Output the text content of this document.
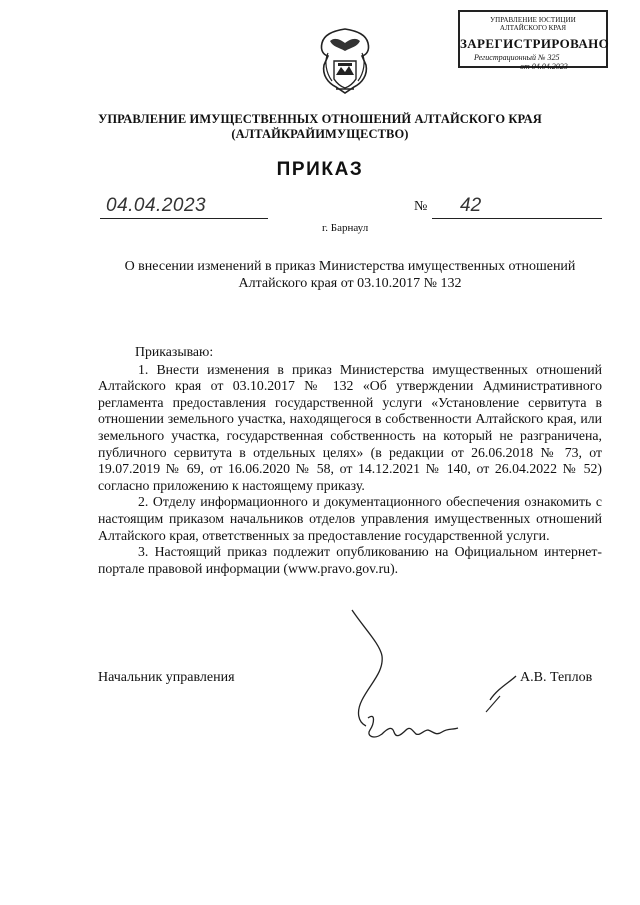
УПРАВЛЕНИЕ ЮСТИЦИИ
АЛТАЙСКОГО КРАЯ
ЗАРЕГИСТРИРОВАНО
Регистрационный № 325
от 04.04.2023
УПРАВЛЕНИЕ ИМУЩЕСТВЕННЫХ ОТНОШЕНИЙ АЛТАЙСКОГО КРАЯ
(АЛТАЙКРАЙИМУЩЕСТВО)
ПРИКАЗ
04.04.2023	№ 42
г. Барнаул
О внесении изменений в приказ Министерства имущественных отношений
Алтайского края от 03.10.2017 № 132

Приказываю:

1. Внести изменения в приказ Министерства имущественных отношений Алтайского края от 03.10.2017 № 132 «Об утверждении Административного регламента предоставления государственной услуги «Установление сервитута в отношении земельного участка, находящегося в собственности Алтайского края, или земельного участка, государственная собственность на который не разграничена, публичного сервитута в отдельных целях» (в редакции от 26.06.2018 № 73, от 19.07.2019 № 69, от 16.06.2020 № 58, от 14.12.2021 № 140, от 26.04.2022 № 52) согласно приложению к настоящему приказу.

2. Отделу информационного и документационного обеспечения ознакомить с настоящим приказом начальников отделов управления имущественных отношений Алтайского края, ответственных за предоставление государственной услуги.

3. Настоящий приказ подлежит опубликованию на Официальном интернет-портале правовой информации (www.pravo.gov.ru).

Начальник управления	А.В. Теплов
